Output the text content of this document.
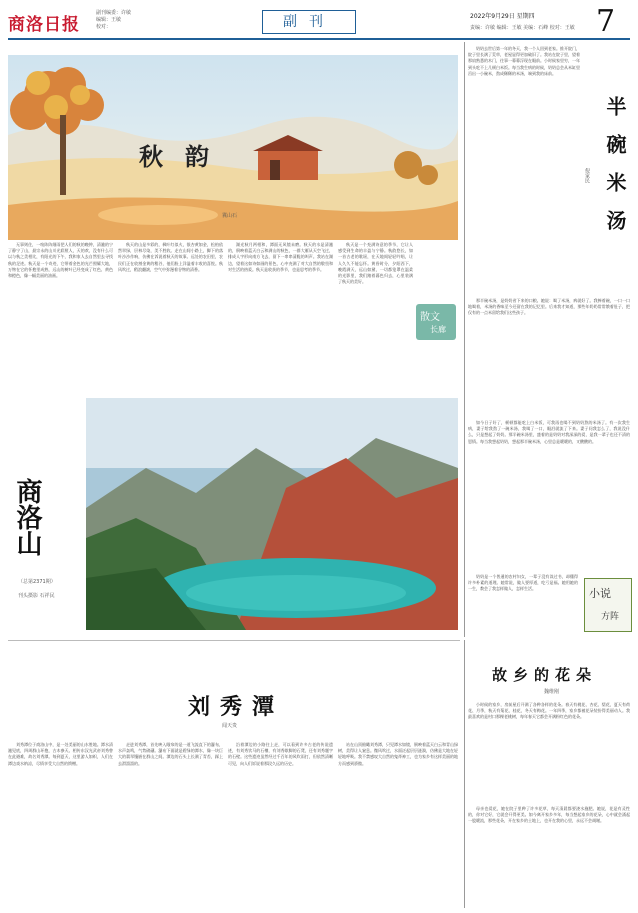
商洛日报
副刊编委：许敏
编辑：王敏
校对：	副刊	2022年9月29日 星期四
责编：许敏 编辑：王敏 美编：石峰 校对：王敏 7
秋韵
冀山石

无事则住，一喧阵阵细雨把人们的秋的晚钟，清澈的宁了静宁了山，最宗永的山川光彩照人，天的欢，没有什么可以与秋之美相比，有阳光的下午，我和家人去自然里去寻找秋的足迹。秋天是一个奇迹，它带着金色的光芒照耀大地，万物在它的怀抱里成熟，远山的树叶已经变成了红色、黄色和橙色，像一幅美丽的油画。

秋天的山是多彩的，枫叶红似火，银杏黄如金，松柏依然翠绿，层林尽染，美不胜收。走在山间小路上，脚下的落叶沙沙作响，仿佛在诉说着秋天的故事。远处的农田里，农民们正在收割金黄的稻谷，他们脸上洋溢着丰收的喜悦。秋风吹过，稻浪翻滚，空气中弥漫着谷物的清香。

湖光秋月两相和，潭面无风镜未磨。秋天的水是清澈的，倒映着蓝天白云和满山的秋色，一群大雁从天空飞过，排成人字形向南方飞去，留下一串串清脆的叫声。我站在湖边，望着这如诗如画的景色，心中充满了对大自然的敬畏和对生活的热爱。秋天是收获的季节，也是思考的季节。

秋天是一个充满诗意的季节，它让人感受到生命的丰盈与宁静。秋韵悠长，如一首古老的歌谣，在天地间轻轻吟唱，让人久久不能忘怀。黄昏时分，夕阳西下，晚霞满天，远山如黛，一切都笼罩在温柔的光影里，我们踏着暮色归去，心里装满了秋天的美好。

散文
长廊
商洛山
（总第2371期）
刊头摄影 石祥民

奶奶去世后第一年的冬天，我一个人回到老家。推开院门，院子里长满了荒草，老屋显得更加破旧了。我站在院子里，望着那扇熟悉的木门，往事一幕幕浮现在眼前。小时候家里穷，一年到头吃不上几顿白米饭。每当我生病的时候，奶奶总会从米缸里舀出一小碗米，熬成稀稀的米汤，端到我的床前。

半碗米汤
倪家民

那半碗米汤，是奶奶省下来的口粮。她说：喝了米汤，病就好了。我捧着碗，一口一口地喝着，米汤的香味至今还留在我的记忆里。后来我才知道，那些年奶奶常常饿着肚子，把仅有的一点米留给我们这些孩子。

如今日子好了，顿顿都能吃上白米饭，可我再也喝不到奶奶熬的米汤了。有一次我生病，妻子给我熬了一碗米汤，我喝了一口，眼泪就流了下来。妻子问我怎么了，我说没什么，只是想起了奶奶。那半碗米汤里，盛着的是奶奶对我深深的爱，是我一辈子也还不清的恩情。每当我想起奶奶，想起那半碗米汤，心里总是暖暖的，又酸酸的。

奶奶是一个普通的农村妇女，一辈子没有读过书，却懂得许多朴素的道理。她常说，做人要厚道，吃亏是福。她用她的一生，教会了我怎样做人，怎样生活。	小说
方阵
刘秀潭
闻天贵

刘秀潭位于商洛山中，是一处美丽的山水胜地。潭水清澈见底，四周群山环抱，古木参天。相传东汉光武帝刘秀曾在此避难，故名刘秀潭。每到夏天，这里游人如织，人们在潭边戏水纳凉，尽情享受大自然的馈赠。

走进刘秀潭，首先映入眼帘的是一道飞流直下的瀑布，水声轰鸣，气势磅礴。瀑布下面就是碧绿的潭水，像一块巨大的翡翠镶嵌在群山之间。潭边的石头上长满了青苔，踩上去滑溜溜的。

沿着潭边的小路往上走，可以看到许多古老的传说遗迹，有刘秀饮马的石槽，有刘秀歇脚的石凳，还有刘秀题字的石壁。这些遗迹虽然经过千百年的风吹雨打，但依然清晰可见，向人们诉说着那段久远的历史。

站在山顶俯瞰刘秀潭，只见潭水如镜，倒映着蓝天白云和青山绿树，美得让人窒息。微风吹过，水面泛起层层涟漪，仿佛是大地在轻轻地呼吸。我不禁感叹大自然的鬼斧神工，也为家乡有这样美丽的地方而感到骄傲。

故乡的花朵
魏维刚

小时候的家乡，房前屋后开满了各种各样的花朵。春天有桃花、杏花、梨花，夏天有荷花、月季，秋天有菊花、桂花，冬天有梅花。一年四季，家乡都被花朵装扮得美丽动人。我最喜欢的是村口那棵老桃树，每年春天它都会开满粉红色的花朵。

母亲也爱花，她在院子里种了许多花草，每天清晨都要浇水施肥。她说，花是有灵性的，你对它好，它就会开得更美。如今离开家乡多年，每当想起家乡的花朵，心中就会涌起一股暖流，那些花朵，开在家乡的土地上，也开在我的心里，永远不会凋谢。
